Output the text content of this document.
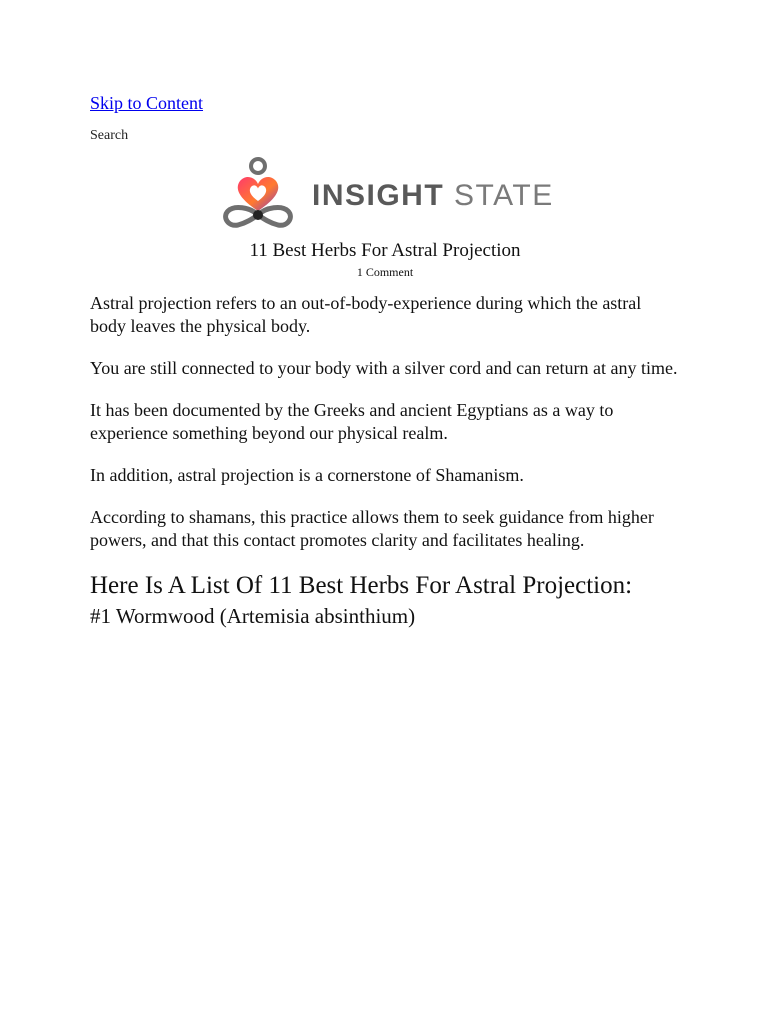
Skip to Content
Search
INSIGHT STATE
11 Best Herbs For Astral Projection
1 Comment

Astral projection refers to an out-of-body-experience during which the astral body leaves the physical body.

You are still connected to your body with a silver cord and can return at any time.

It has been documented by the Greeks and ancient Egyptians as a way to experience something beyond our physical realm.

In addition, astral projection is a cornerstone of Shamanism.

According to shamans, this practice allows them to seek guidance from higher powers, and that this contact promotes clarity and facilitates healing.

Here Is A List Of 11 Best Herbs For Astral Projection:
#1 Wormwood (Artemisia absinthium)
